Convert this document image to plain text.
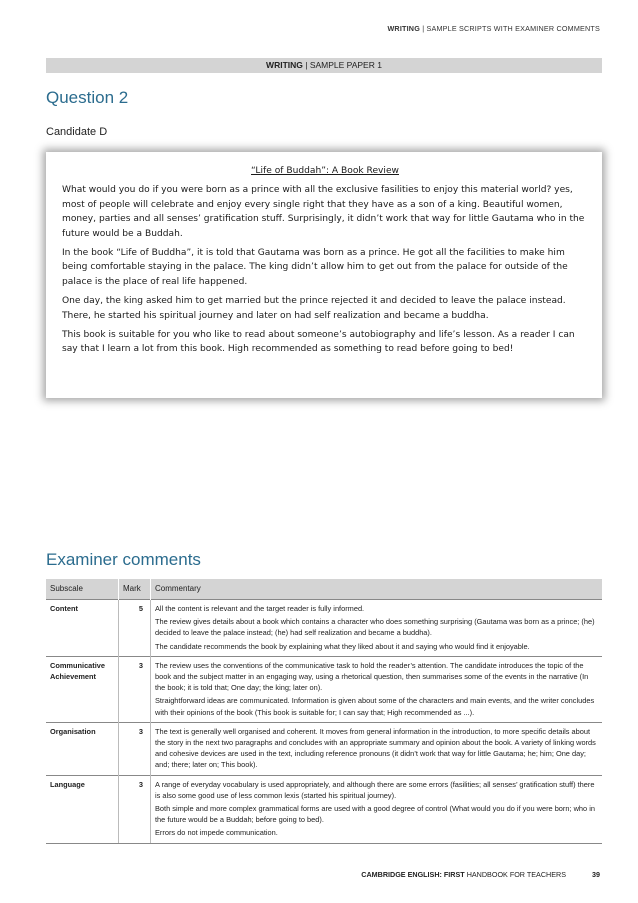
WRITING | SAMPLE SCRIPTS WITH EXAMINER COMMENTS
WRITING | SAMPLE PAPER 1
Question 2
Candidate D
“Life of Buddah”: A Book Review

What would you do if you were born as a prince with all the exclusive fasilities to enjoy this material world? yes, most of people will celebrate and enjoy every single right that they have as a son of a king. Beautiful women, money, parties and all senses’ gratification stuff. Surprisingly, it didn’t work that way for little Gautama who in the future would be a Buddah.

In the book “Life of Buddha”, it is told that Gautama was born as a prince. He got all the facilities to make him being comfortable staying in the palace. The king didn’t allow him to get out from the palace for outside of the palace is the place of real life happened.

One day, the king asked him to get married but the prince rejected it and decided to leave the palace instead. There, he started his spiritual journey and later on had self realization and became a buddha.

This book is suitable for you who like to read about someone’s autobiography and life’s lesson. As a reader I can say that I learn a lot from this book. High recommended as something to read before going to bed!

Examiner comments
Subscale	Mark	Commentary
Content	5	All the content is relevant and the target reader is fully informed.

The review gives details about a book which contains a character who does something surprising (Gautama was born as a prince; (he) decided to leave the palace instead; (he) had self realization and became a buddha).

The candidate recommends the book by explaining what they liked about it and saying who would find it enjoyable.

Communicative Achievement	3	The review uses the conventions of the communicative task to hold the reader’s attention. The candidate introduces the topic of the book and the subject matter in an engaging way, using a rhetorical question, then summarises some of the events in the narrative (In the book; it is told that; One day; the king; later on).

Straightforward ideas are communicated. Information is given about some of the characters and main events, and the writer concludes with their opinions of the book (This book is suitable for; I can say that; High recommended as ...).

Organisation	3	The text is generally well organised and coherent. It moves from general information in the introduction, to more specific details about the story in the next two paragraphs and concludes with an appropriate summary and opinion about the book. A variety of linking words and cohesive devices are used in the text, including reference pronouns (it didn’t work that way for little Gautama; he; him; One day; and; there; later on; This book).

Language	3	A range of everyday vocabulary is used appropriately, and although there are some errors (fasilities; all senses’ gratification stuff) there is also some good use of less common lexis (started his spiritual journey).

Both simple and more complex grammatical forms are used with a good degree of control (What would you do if you were born; who in the future would be a Buddah; before going to bed).

Errors do not impede communication.

CAMBRIDGE ENGLISH: FIRST HANDBOOK FOR TEACHERS	39
